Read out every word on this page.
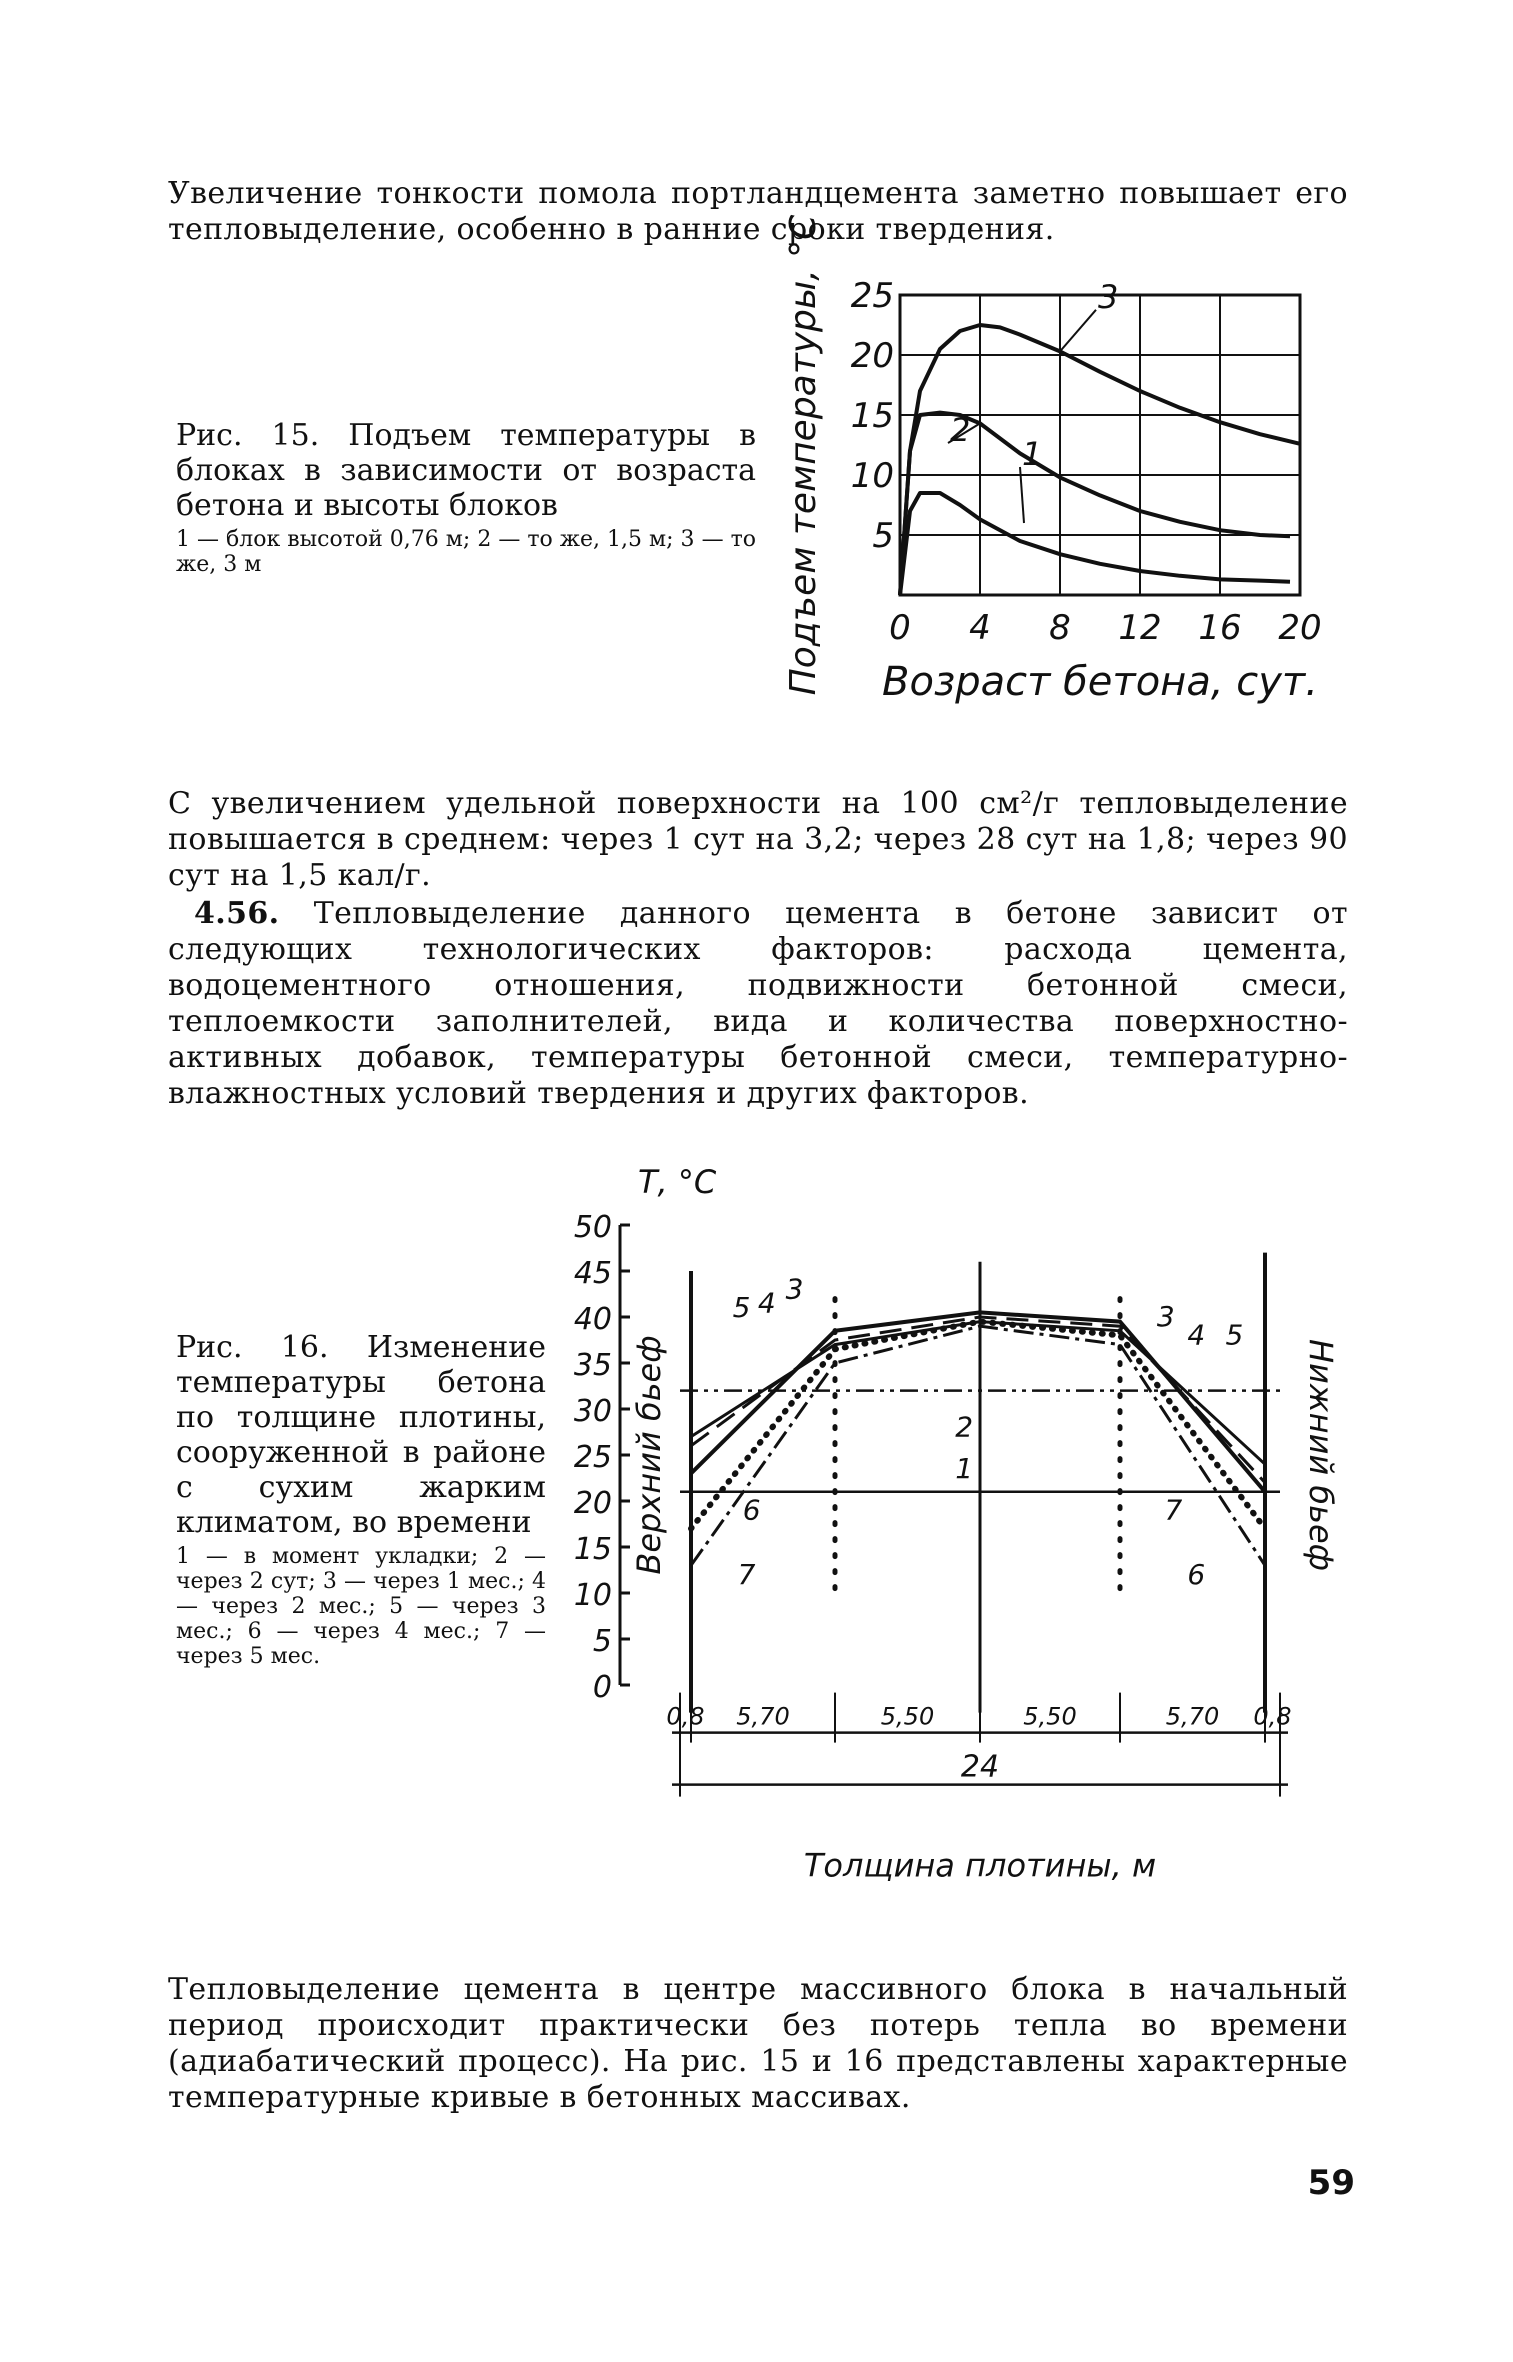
Увеличение тонкости помола портландцемента заметно повышает его тепловыделение, особенно в ранние сроки твердения.
Рис. 15. Подъем температуры в блоках в зависимости от возраста бетона и высоты блоков
1 — блок высотой 0,76 м; 2 — то же, 1,5 м; 3 — то же, 3 м
0 4 8 12 16 20
5
10
15
20
25
Возраст бетона, сут.
Подъем температуры, °С	1
2
3
С увеличением удельной поверхности на 100 см²/г тепловыделение повышается в среднем: через 1 сут на 3,2; через 28 сут на 1,8; через 90 сут на 1,5 кал/г.
4.56. Тепловыделение данного цемента в бетоне зависит от следующих технологических факторов: расхода цемента, водоцементного отношения, подвижности бетонной смеси, теплоемкости заполнителей, вида и количества поверхностно-активных добавок, температуры бетонной смеси, температурно-влажностных условий твердения и других факторов.
Рис. 16. Изменение температуры бетона по толщине плотины, сооруженной в районе с сухим жарким климатом, во времени
1 — в момент укладки; 2 — через 2 сут; 3 — через 1 мес.; 4 — через 2 мес.; 5 — через 3 мес.; 6 — через 4 мес.; 7 — через 5 мес.
0
5
10
15
20
25
30
35
40
45
50
Т, °С
Верхний бьеф	Нижний бьеф
1
2
3
3
4
4
5
5
6
6
7
7
0,8 5,70	5,50	5,50	5,70 0,8
24
Толщина плотины, м
Тепловыделение цемента в центре массивного блока в начальный период происходит практически без потерь тепла во времени (адиабатический процесс). На рис. 15 и 16 представлены характерные температурные кривые в бетонных массивах.
59
